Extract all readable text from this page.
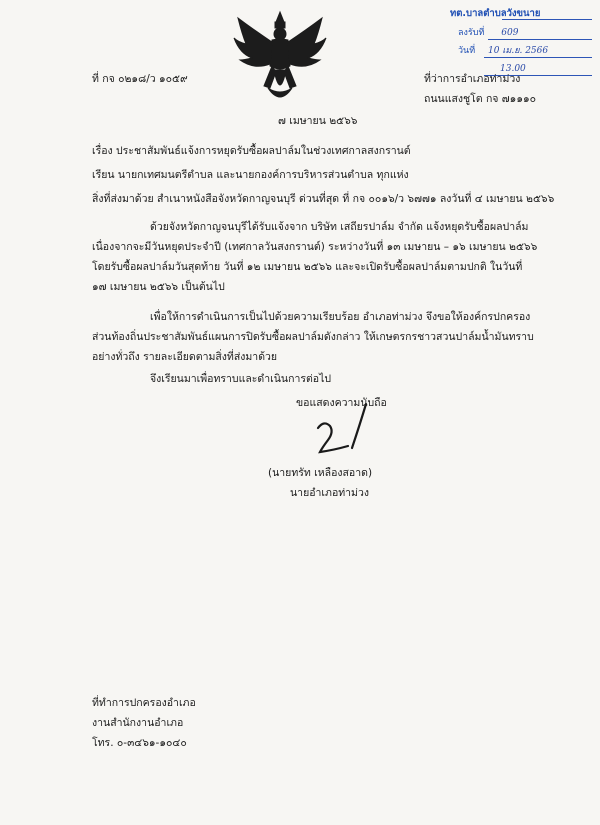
ทต.บาลตำบลวังขนาย
ลงรับที่ 609
วันที่ 10 เม.ย. 2566
13.00
ที่ กจ ๐๒๑๘/ว ๑๐๕๙	ที่ว่าการอำเภอท่าม่วง
ถนนแสงชูโต กจ ๗๑๑๑๐
๗ เมษายน ๒๕๖๖
เรื่อง ประชาสัมพันธ์แจ้งการหยุดรับซื้อผลปาล์มในช่วงเทศกาลสงกรานต์
เรียน นายกเทศมนตรีตำบล และนายกองค์การบริหารส่วนตำบล ทุกแห่ง
สิ่งที่ส่งมาด้วย สำเนาหนังสือจังหวัดกาญจนบุรี ด่วนที่สุด ที่ กจ ๐๐๑๖/ว ๖๗๗๑ ลงวันที่ ๔ เมษายน ๒๕๖๖
ด้วยจังหวัดกาญจนบุรีได้รับแจ้งจาก บริษัท เสถียรปาล์ม จำกัด แจ้งหยุดรับซื้อผลปาล์ม
เนื่องจากจะมีวันหยุดประจำปี (เทศกาลวันสงกรานต์) ระหว่างวันที่ ๑๓ เมษายน – ๑๖ เมษายน ๒๕๖๖
โดยรับซื้อผลปาล์มวันสุดท้าย วันที่ ๑๒ เมษายน ๒๕๖๖ และจะเปิดรับซื้อผลปาล์มตามปกติ ในวันที่
๑๗ เมษายน ๒๕๖๖ เป็นต้นไป
เพื่อให้การดำเนินการเป็นไปด้วยความเรียบร้อย อำเภอท่าม่วง จึงขอให้องค์กรปกครอง
ส่วนท้องถิ่นประชาสัมพันธ์แผนการปิดรับซื้อผลปาล์มดังกล่าว ให้เกษตรกรชาวสวนปาล์มน้ำมันทราบ
อย่างทั่วถึง รายละเอียดตามสิ่งที่ส่งมาด้วย
จึงเรียนมาเพื่อทราบและดำเนินการต่อไป
ขอแสดงความนับถือ
(นายทรัท เหลืองสอาด)
นายอำเภอท่าม่วง
ที่ทำการปกครองอำเภอ
งานสำนักงานอำเภอ
โทร. ๐-๓๔๖๑-๑๐๔๐
